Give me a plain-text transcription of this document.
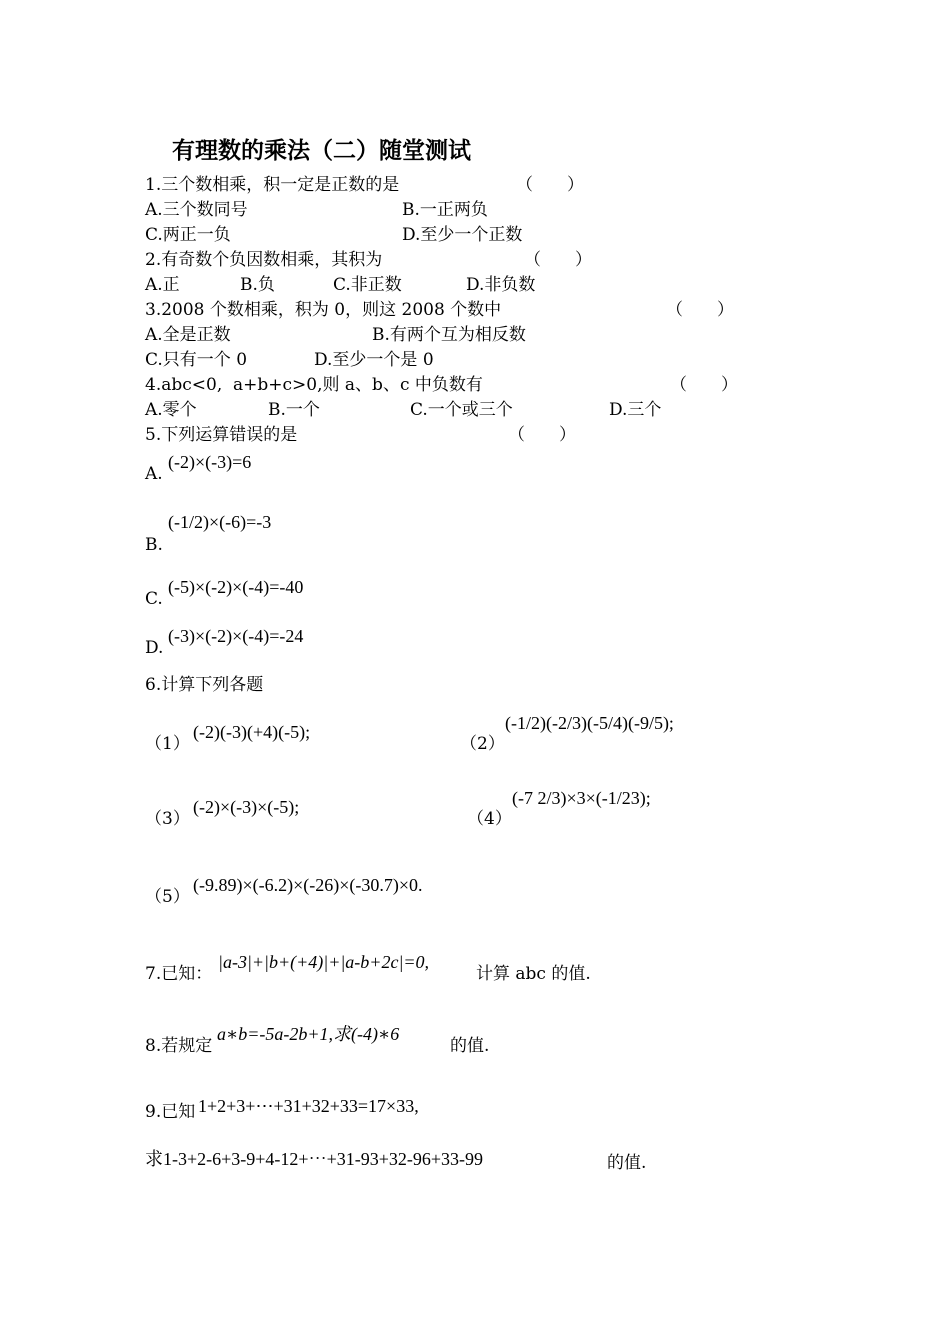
有理数的乘法（二）随堂测试
1.三个数相乘，积一定是正数的是	（　　）
A.三个数同号	B.一正两负
C.两正一负	D.至少一个正数
2.有奇数个负因数相乘，其积为	（　　）
A.正	B.负	C.非正数	D.非负数
3.2008 个数相乘，积为 0，则这 2008 个数中	（　　）
A.全是正数	B.有两个互为相反数
C.只有一个 0	D.至少一个是 0
4.abc<0,  a+b+c>0,则 a、b、c 中负数有	（　　）
A.零个	B.一个	C.一个或三个	D.三个
5.下列运算错误的是	（　　）
A.
(-2)×(-3)=6
B.
(-1/2)×(-6)=-3
C.
(-5)×(-2)×(-4)=-40
D.
(-3)×(-2)×(-4)=-24
6.计算下列各题
（1）
(-2)(-3)(+4)(-5);
（2）
(-1/2)(-2/3)(-5/4)(-9/5);
（3）
(-2)×(-3)×(-5);
（4）
(-7 2/3)×3×(-1/23);
（5）
(-9.89)×(-6.2)×(-26)×(-30.7)×0.
7.已知：
|a-3|+|b+(+4)|+|a-b+2c|=0,
计算 abc 的值.
8.若规定
a∗b=-5a-2b+1,求(-4)∗6
的值.
9.已知 1+2+3+⋯+31+32+33=17×33,
求1-3+2-6+3-9+4-12+⋯+31-93+32-96+33-99	的值.
